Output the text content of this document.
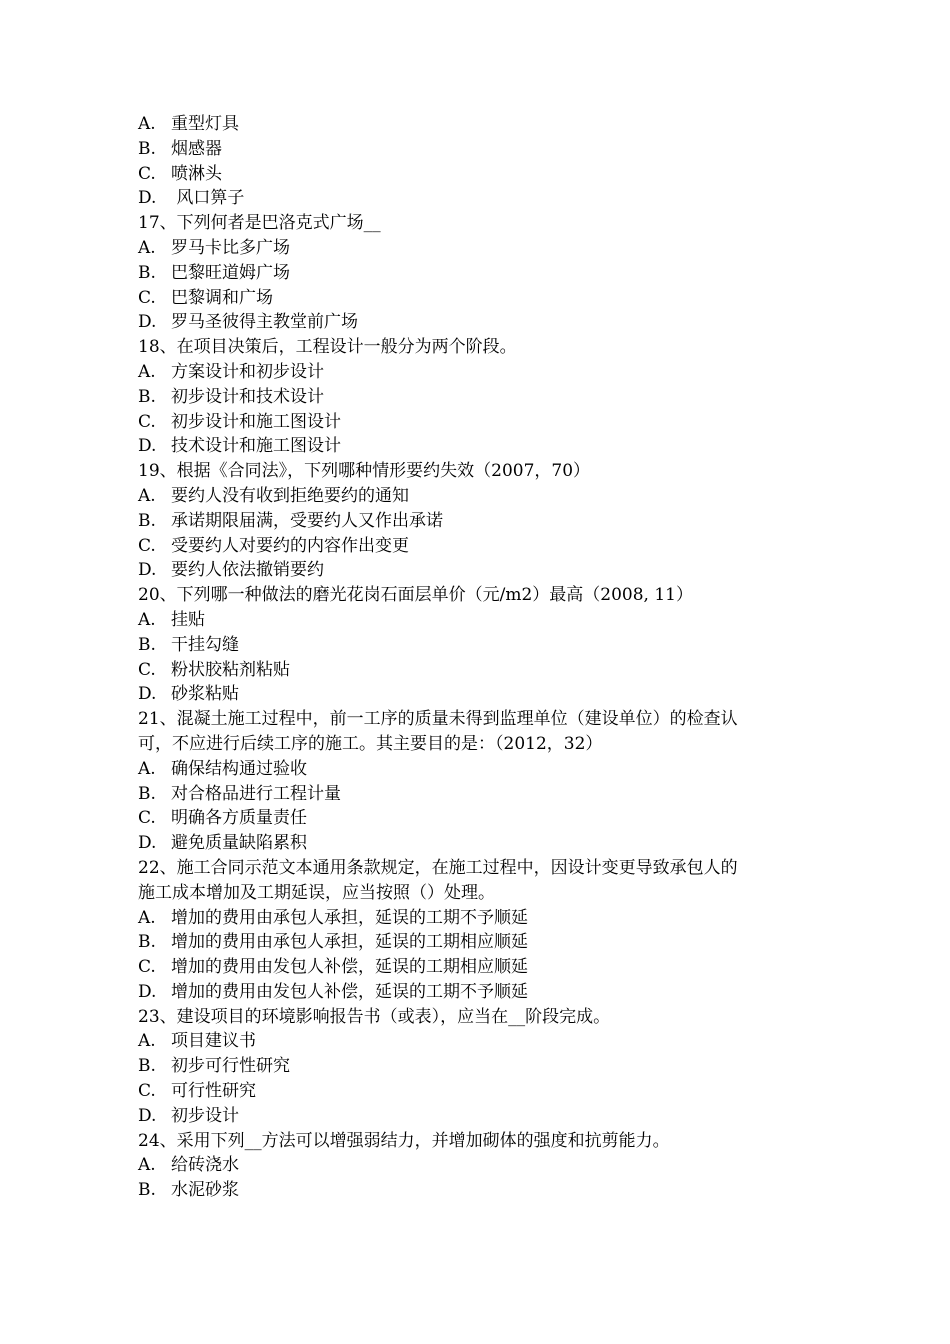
A. 重型灯具
B. 烟感器
C. 喷淋头
D. 风口箅子
17、下列何者是巴洛克式广场__
A. 罗马卡比多广场
B. 巴黎旺道姆广场
C. 巴黎调和广场
D. 罗马圣彼得主教堂前广场
18、在项目决策后，工程设计一般分为两个阶段。
A. 方案设计和初步设计
B. 初步设计和技术设计
C. 初步设计和施工图设计
D. 技术设计和施工图设计
19、根据《合同法》，下列哪种情形要约失效（2007，70）
A. 要约人没有收到拒绝要约的通知
B. 承诺期限届满，受要约人又作出承诺
C. 受要约人对要约的内容作出变更
D. 要约人依法撤销要约
20、下列哪一种做法的磨光花岗石面层单价（元/m2）最高（2008, 11）
A. 挂贴
B. 干挂勾缝
C. 粉状胶粘剂粘贴
D. 砂浆粘贴
21、混凝土施工过程中，前一工序的质量未得到监理单位（建设单位）的检查认
可，不应进行后续工序的施工。其主要目的是：（2012，32）
A. 确保结构通过验收
B. 对合格品进行工程计量
C. 明确各方质量责任
D. 避免质量缺陷累积
22、施工合同示范文本通用条款规定，在施工过程中，因设计变更导致承包人的
施工成本增加及工期延误，应当按照（）处理。
A. 增加的费用由承包人承担，延误的工期不予顺延
B. 增加的费用由承包人承担，延误的工期相应顺延
C. 增加的费用由发包人补偿，延误的工期相应顺延
D. 增加的费用由发包人补偿，延误的工期不予顺延
23、建设项目的环境影响报告书（或表），应当在__阶段完成。
A. 项目建议书
B. 初步可行性研究
C. 可行性研究
D. 初步设计
24、采用下列__方法可以增强弱结力，并增加砌体的强度和抗剪能力。
A. 给砖浇水
B. 水泥砂浆
